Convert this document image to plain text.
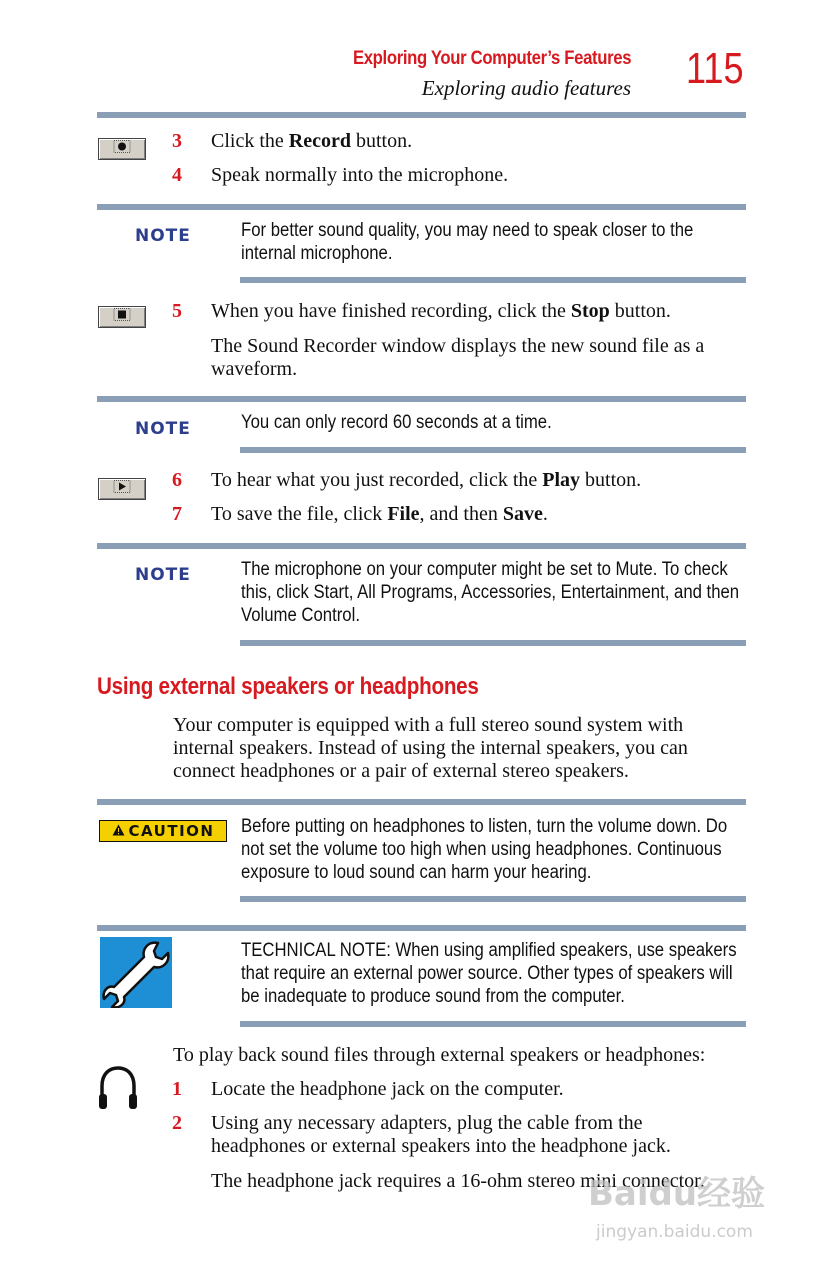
Exploring Your Computer’s Features
Exploring audio features 115
3 Click the Record button.
4 Speak normally into the microphone.
NOTE	For better sound quality, you may need to speak closer to the internal microphone.
5 When you have finished recording, click the Stop button.
The Sound Recorder window displays the new sound file as a waveform.
NOTE	You can only record 60 seconds at a time.
6 To hear what you just recorded, click the Play button.
7 To save the file, click File, and then Save.
NOTE	The microphone on your computer might be set to Mute. To check this, click Start, All Programs, Accessories, Entertainment, and then Volume Control.
Using external speakers or headphones
Your computer is equipped with a full stereo sound system with internal speakers. Instead of using the internal speakers, you can connect headphones or a pair of external stereo speakers.
CAUTION Before putting on headphones to listen, turn the volume down. Do not set the volume too high when using headphones. Continuous exposure to loud sound can harm your hearing.
TECHNICAL NOTE: When using amplified speakers, use speakers that require an external power source. Other types of speakers will be inadequate to produce sound from the computer.
To play back sound files through external speakers or headphones:
1 Locate the headphone jack on the computer.
2 Using any necessary adapters, plug the cable from the headphones or external speakers into the headphone jack.
The headphone jack requires a 16-ohm stereo mini connector.
Baidu经验
jingyan.baidu.com
